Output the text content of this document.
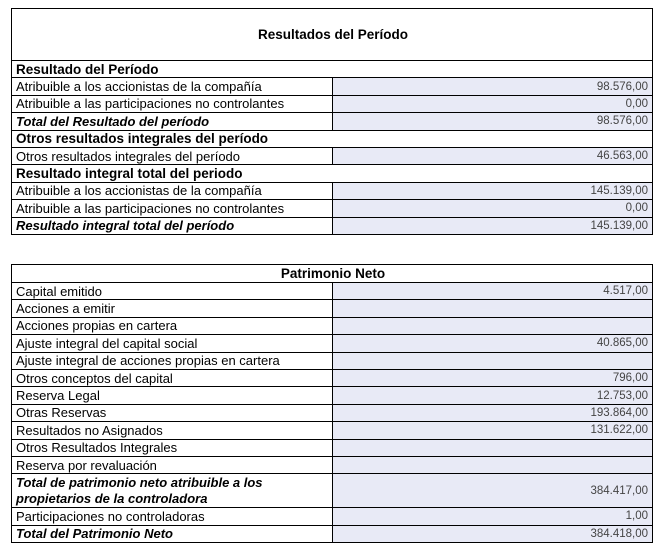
Resultados del Período	
Resultado del Período	
Atribuible a los accionistas de la compañía	98.576,00
Atribuible a las participaciones no controlantes	0,00
Total del Resultado del período	98.576,00
Otros resultados integrales del período	
Otros resultados integrales del período	46.563,00
Resultado integral total del periodo	
Atribuible a los accionistas de la compañía	145.139,00
Atribuible a las participaciones no controlantes	0,00
Resultado integral total del período	145.139,00
Patrimonio Neto	
Capital emitido	4.517,00
Acciones a emitir	
Acciones propias en cartera	
Ajuste integral del capital social	40.865,00
Ajuste integral de acciones propias en cartera	
Otros conceptos del capital	796,00
Reserva Legal	12.753,00
Otras Reservas	193.864,00
Resultados no Asignados	131.622,00
Otros Resultados Integrales	
Reserva por revaluación	
Total de patrimonio neto atribuible a los propietarios de la controladora	384.417,00
Participaciones no controladoras	1,00
Total del Patrimonio Neto	384.418,00
